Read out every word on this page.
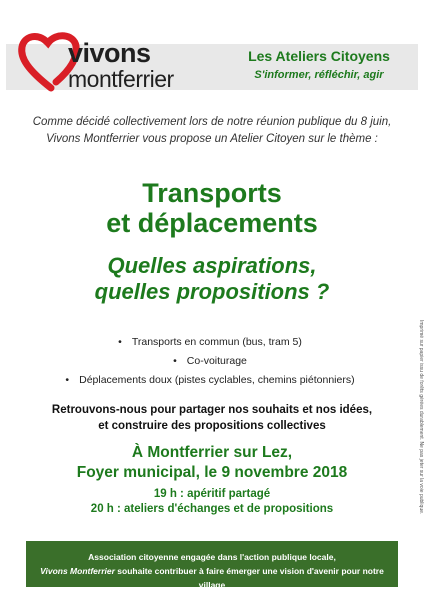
vivons
montferrier
Les Ateliers Citoyens
S'informer, réfléchir, agir
Comme décidé collectivement lors de notre réunion publique du 8 juin,
Vivons Montferrier vous propose un Atelier Citoyen sur le thème :
Transports
et déplacements
Quelles aspirations,
quelles propositions ?
• Transports en commun (bus, tram 5)
• Co-voiturage
• Déplacements doux (pistes cyclables, chemins piétonniers)
Retrouvons-nous pour partager nos souhaits et nos idées,
et construire des propositions collectives
À Montferrier sur Lez,
Foyer municipal, le 9 novembre 2018
19 h : apéritif partagé
20 h : ateliers d'échanges et de propositions	Imprimé sur papier issu de forêts gérées durablement. Ne pas jeter sur la voie publique.
Association citoyenne engagée dans l'action publique locale,
Vivons Montferrier souhaite contribuer à faire émerger une vision d'avenir pour notre village
